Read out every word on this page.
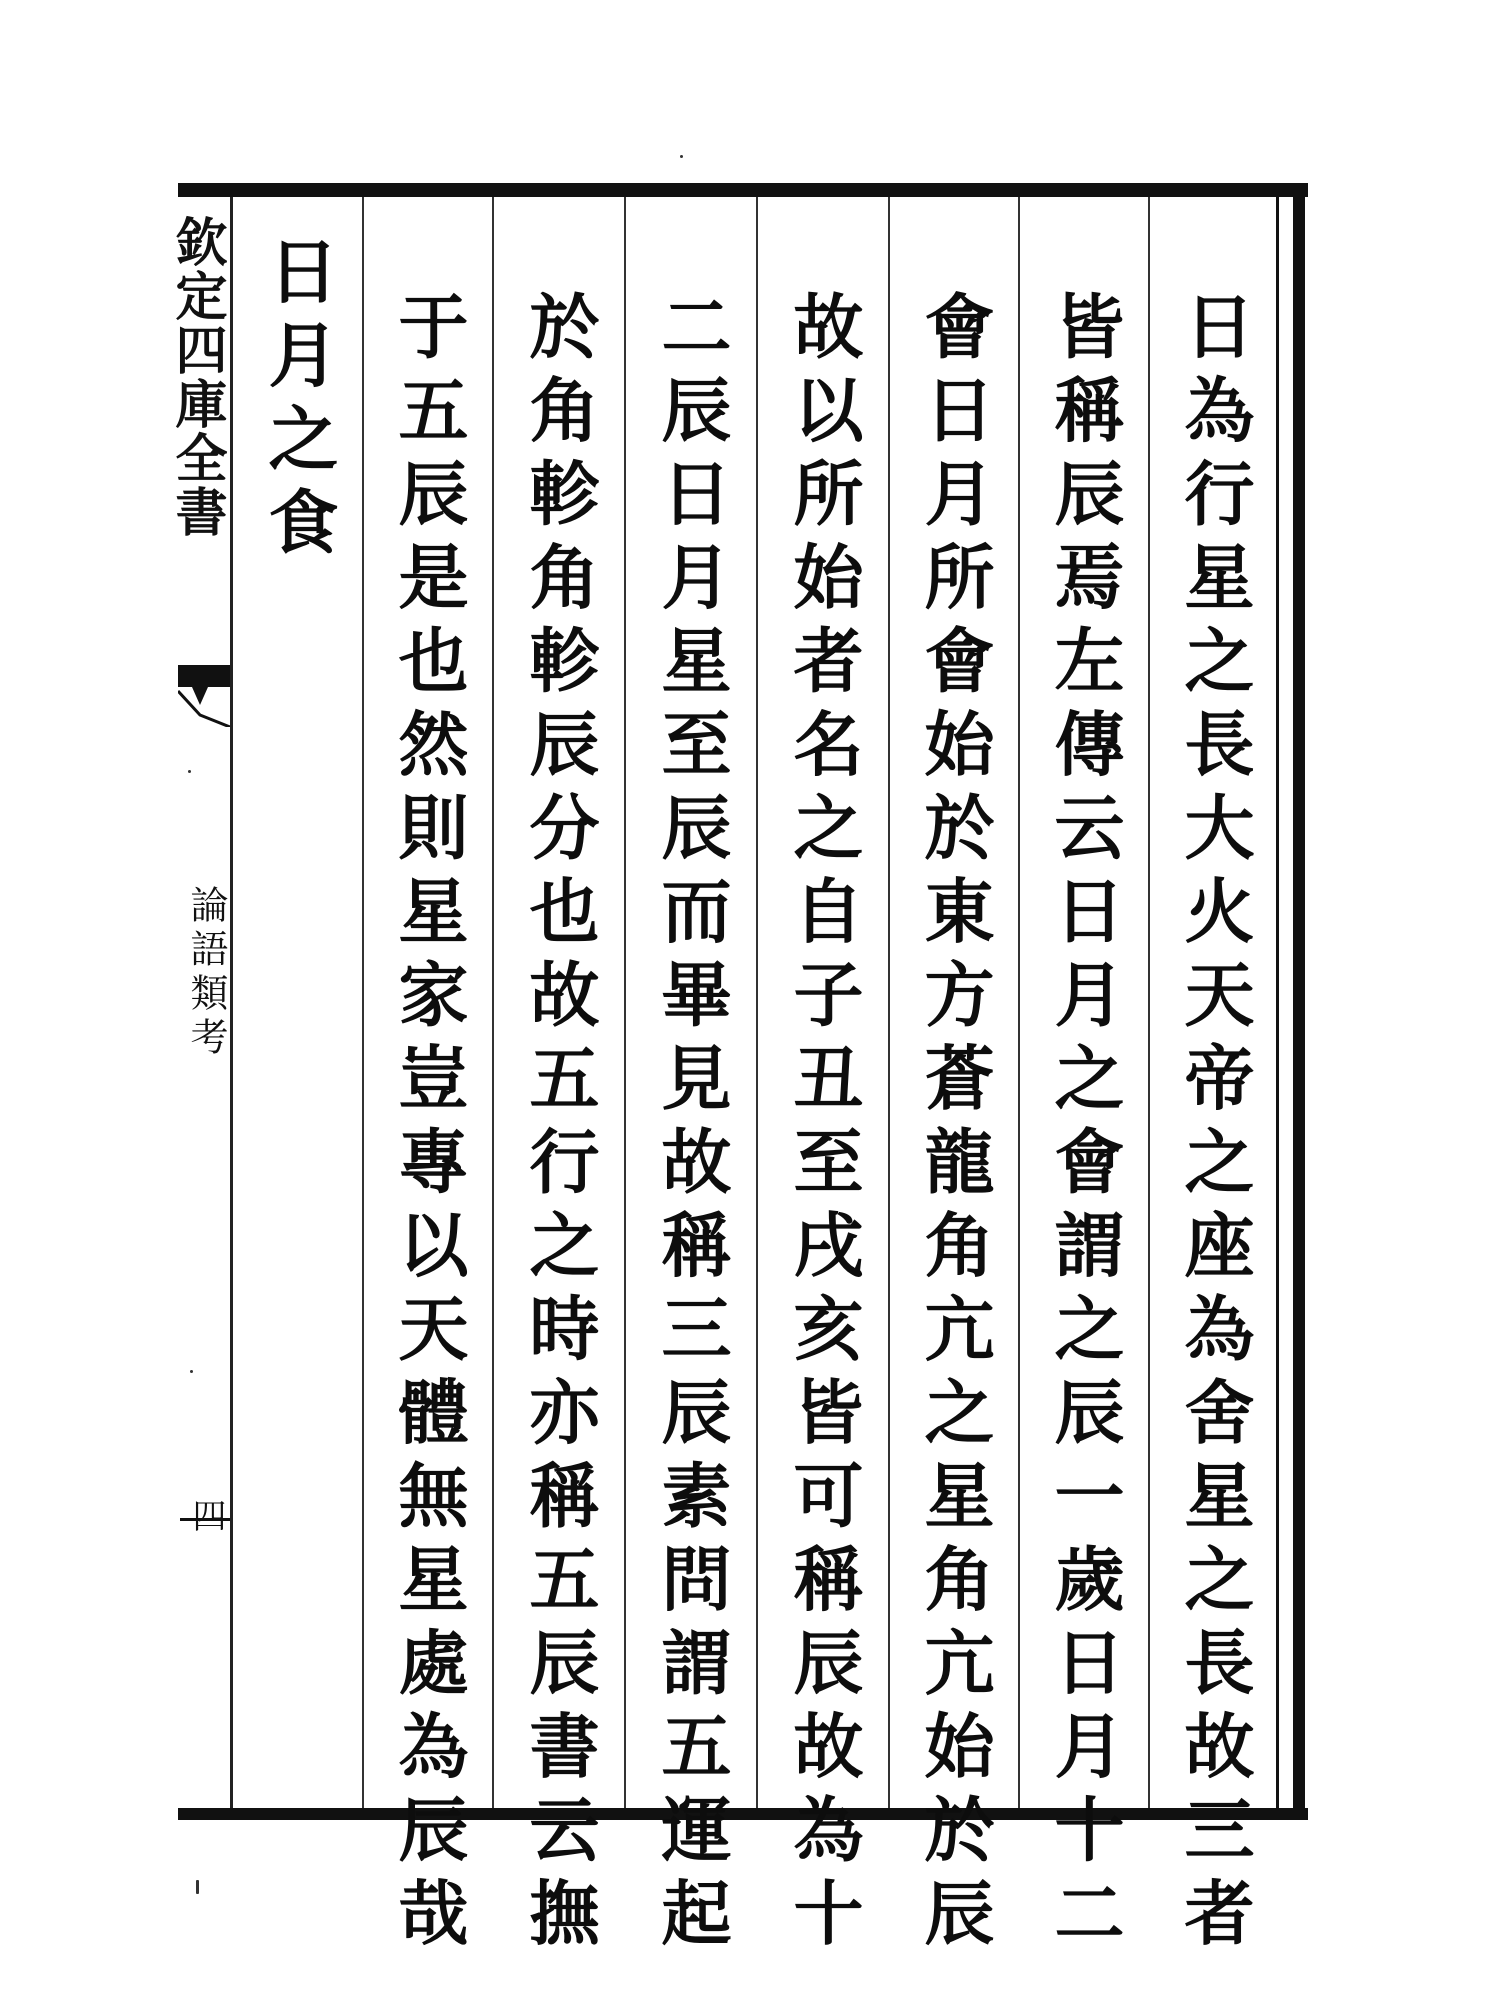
欽定四庫全書
論語類考
四	日為行星之長大火天帝之座為舍星之長故三者
皆稱辰焉左傳云日月之會謂之辰一歲日月十二
會日月所會始於東方蒼龍角亢之星角亢始於辰
故以所始者名之自子丑至戌亥皆可稱辰故為十
二辰日月星至辰而畢見故稱三辰素問謂五運起
於角軫角軫辰分也故五行之時亦稱五辰書云撫
于五辰是也然則星家豈專以天體無星處為辰哉
日月之食
